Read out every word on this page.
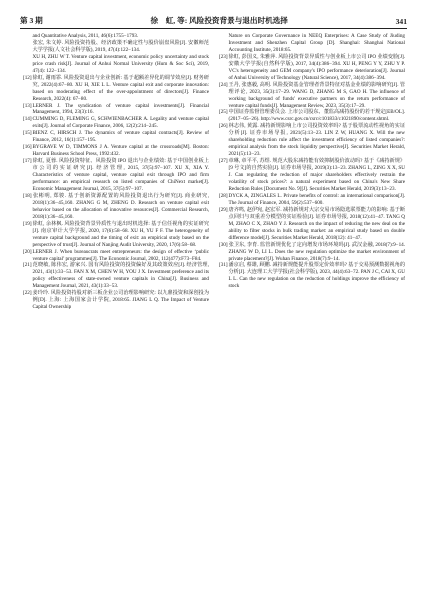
第 3 期	徐　虹, 等: 风险投资背景与退出时机选择	341

and Quantitative Analysis, 2011, 46(6):1755−1793.

张宏, 朱文婷. 风险投资持股、经济政策不确定性与股价崩盘风险[J]. 安徽师范大学学报(人文社会科学版), 2019, 47(4):122−134.

XU H, ZHU W T. Venture capital investment, economic policy uncertainty and stock price crash risk[J]. Journal of Anhui Normal University (Hum & Soc Sci), 2019, 47(4): 122−134.

[12]徐虹, 谢雨霏. 风险投资退出与企业创新: 基于超额差异化的调节效应[J]. 财务研究, 2022(4):67−80. XU H, XIE L L. Venture capital exit and corporate innovation: based on moderating effect of the over-appointment of directors[J]. Finance Research, 2022(4): 67−80.

[13]LERNER J. The syndication of venture capital investments[J]. Financial Management, 1994, 23(3):16.

[14]CUMMING D, FLEMING G, SCHWIENBACHER A. Legality and venture capital exits[J]. Journal of Corporate Finance, 2006, 12(2):214−245.

[15]BIENZ C, HIRSCH J. The dynamics of venture capital contracts[J]. Review of Finance, 2012, 16(1):157−195.

[16]BYGRAVE W D, TIMMONS J A. Venture capital at the crossroads[M]. Boston: Harvard Business School Press, 1992:432.

[17]徐虹, 夏蓉. 风险投资特征、风险投资 IPO 退出与企业绩效: 基于中国创业板上市公司的实证研究[J]. 经济管理, 2015, 37(5):97−107. XU X, XIA Y. Characteristics of venture capital, venture capital exit through IPO and firm performance: an empirical research on listed companies of ChiNext market[J]. Economic Management Journal, 2015, 37(5):97−107.

[18]张彬明, 郑骏. 基于创新资源配置的风险投资退出行为研究[J]. 商业研究, 2018(1):36−45,160. ZHANG G M, ZHENG D. Research on venture capital exit behavior based on the allocation of innovative resources[J]. Commercial Research, 2018(1):36−45,160.

[19]徐虹, 余林枫. 风险投资背景异质性与退出时机选择: 基于信任视角的实证研究[J]. 南京审计大学学报, 2020, 17(6):58−68. XU H, YU F F. The heterogeneity of venture capital background and the timing of exit: an empirical study based on the perspective of trust[J]. Journal of Nanjing Audit University, 2020, 17(6):58−68.

[20]LERNER J. When bureaucrats meet entrepreneurs: the design of effective ‘public venture capital’ programmes[J]. The Economic Journal, 2002, 112(477):F73−F84.

[21]范晓敏, 陈伟宏, 游家兴. 国有风险投资的投资偏好及其政策效应[J]. 经济管理, 2021, 43(1):33−53. FAN X M, CHEN W H, YOU J X. Investment preference and its policy effectiveness of state-owned venture capitals in China[J]. Business and Management Journal, 2021, 43(1):33−53.

[22]姜玲玲. 风险投资持股对新三板企业公司治理影响研究: 以九鼎投资和深创投为例[D]. 上海: 上海国家会计学院, 2018:65. JIANG L Q. The Impact of Venture Capital Ownership

Nature on Corporate Governance in NEEQ Enterprises: A Case Study of Jiuding Investment and Shenzhen Capital Group [D]. Shanghai: Shanghai National Accounting Institute, 2018:65.

[23]徐虹, 彭国义, 朱雅萍. 风险投资背景异质性与创业板上市公司 IPO 业绩变脸[J]. 安徽大学学报(自然科学版), 2017, 34(4):386−394. XU H, PENG Y Y, ZHU Y P. VC's heterogeneity and GEM company's IPO performance deterioration[J]. Journal of Anhui University of Technology (Natural Science), 2017, 34(4):386−394.

[24]王丹, 张惠毅, 高明. 风险投资基金管理者背景特征对基金业绩的影响研究[J]. 管理评论, 2023, 35(3):17−29. WANG D, ZHANG M S, GAO H. The influence of working background of funds' executive partners on the return performance of venture capital funds[J]. Management Review, 2023, 35(3):17−29.

[25]中国证券监督管理委员会. 上市公司股东、董监高减持股份的若干规定[EB/OL]. (2017−05−26). http://www.csrc.gov.cn/csrc/c101833/c1021890/content.shtml.

[26]林志伟, 黄露. 减持新规影响上市公司投资效率吗? 基于股票流动性视角的实证分析[J]. 证券市场导报, 2021(5):13−23. LIN Z W, HUANG X. Will the new shareholding reduction rule affect the investment efficiency of listed companies?: empirical analysis from the stock liquidity perspective[J]. Securities Market Herald, 2021(5):13−23.

[27]章琳, 章平平, 苏煜. 规范大股东减持能有效抑制股价波动吗? 基于《减持新规》[9 号文]的自然实验[J]. 证券市场导报, 2019(3):13−23. ZHANG L, ZING X X, SU J. Can regulating the reduction of major shareholders effectively restrain the volatility of stock prices?: a natural experiment based on China's New Share Reduction Rules [Document No. 9][J]. Securities Market Herald, 2019(3):13−23.

[28]DYCK A, ZINGALES L. Private benefits of control: an international comparison[J]. The Journal of Finance, 2004, 59(2):537−600.

[29]唐齐鸣, 赵伊宛, 赵宏军. 减持新规对大宗交易市场隐选联票能力的影响: 基于断点回归与双重差分模型的实证检验[J]. 证券市场导报, 2018(12):41−47. TANG Q M, ZHAO C X, ZHAO Y J. Research on the impact of reducing the new deal on the ability to filter stocks in bulk trading market: an empirical study based on double difference model[J]. Securities Market Herald, 2018(12): 41−47.

[30]张卫东, 李育. 监管新规优化了定向增发市场环境吗[J]. 武汉金融, 2018(7):9−14. ZHANG W D, LI L. Does the new regulation optimize the market environment of private placement?[J]. Wuhan Finance, 2018(7):9−14.

[31]潘京启, 蔡雄, 顾鹏. 减持新规能提升股票定价效率吗? 基于交易预测数据视角的分析[J]. 大连理工大学学报(社会科学版), 2023, 44(4):63−72. PAN J C, CAI X, GU L L. Can the new regulation on the reduction of holdings improve the efficiency of stock
